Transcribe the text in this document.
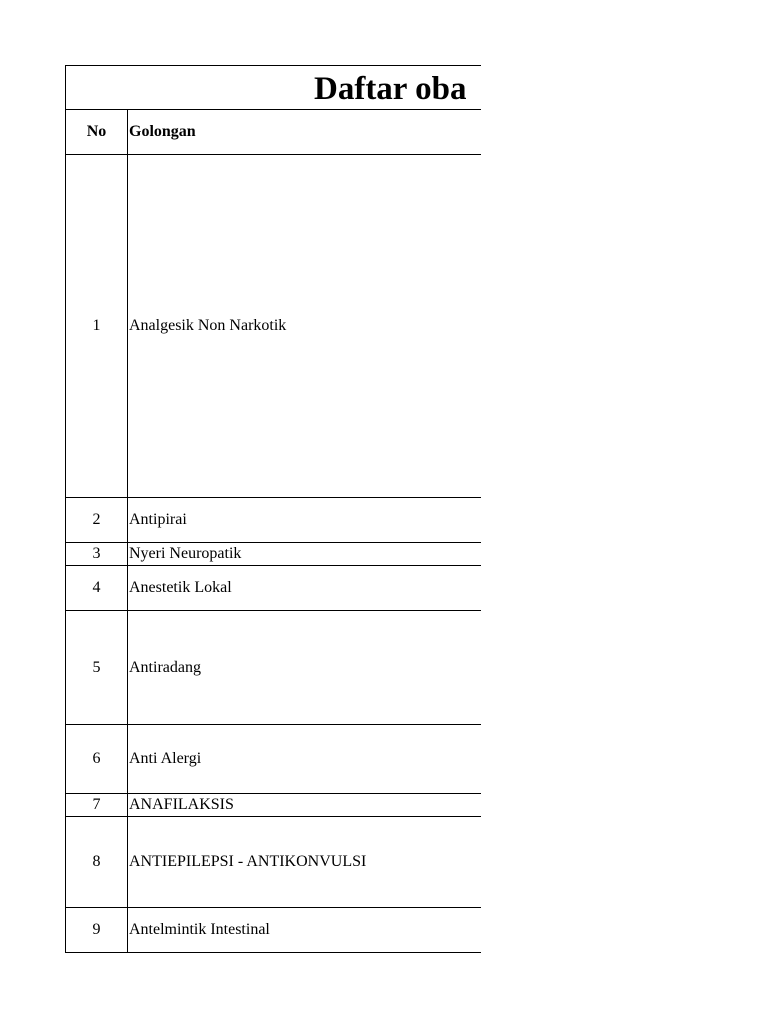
Daftar oba
No	Golongan
1	Analgesik Non Narkotik
2	Antipirai
3	Nyeri Neuropatik
4	Anestetik Lokal
5	Antiradang
6	Anti Alergi
7	ANAFILAKSIS
8	ANTIEPILEPSI - ANTIKONVULSI
9	Antelmintik Intestinal
